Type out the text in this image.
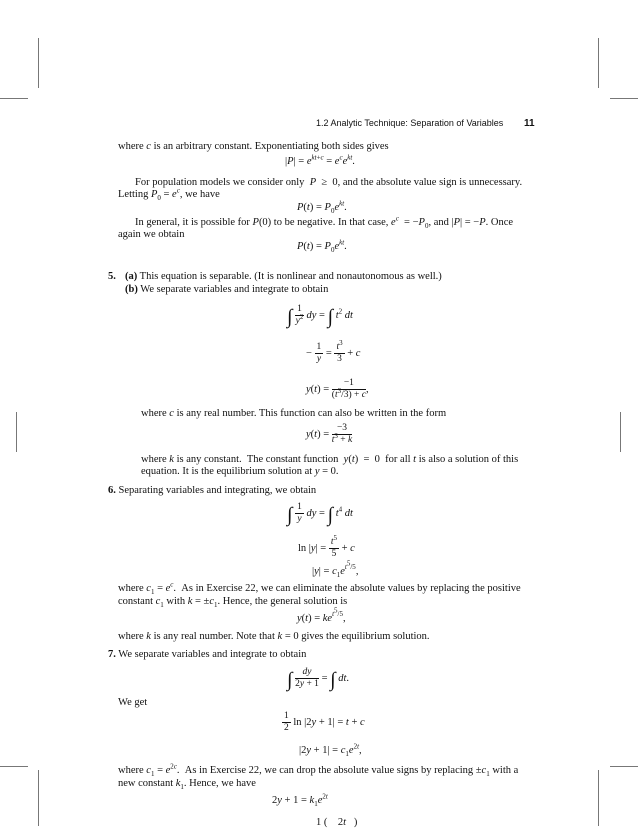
1.2 Analytic Technique: Separation of Variables 11
where c is an arbitrary constant. Exponentiating both sides gives
$|P| = e^{kt+c} = e^ce^{kt}$.
For population models we consider only  P  ≥  0, and the absolute value sign is unnecessary.
Letting $P_0 = e^c$, we have
$P(t) = P_0e^{kt}$.
In general, it is possible for P(0) to be negative. In that case, $e^c = -P_0$, and |P| = −P. Once
again we obtain
$P(t) = P_0e^{kt}$.
5. (a) This equation is separable. (It is nonlinear and nonautonomous as well.)
(b) We separate variables and integrate to obtain
∫ $\frac{1}{y^2}$ dy = ∫ $t^2$ dt
− $\frac{1}{y} = \frac{t^3}{3} + c$
$y(t) = \frac{-1}{(t^3/3) + c}$ ,
where c is any real number. This function can also be written in the form
$y(t) = \frac{-3}{t^3 + k}$
where k is any constant.  The constant function  y(t)  =  0  for all t is also a solution of this
equation. It is the equilibrium solution at y = 0.
6. Separating variables and integrating, we obtain
∫ $\frac{1}{y}$ dy = ∫ $t^4$ dt
$\ln |y| = \frac{t^5}{5} + c$
$|y| = c_1e^{t^5/5}$,
where $c_1 = e^c$.  As in Exercise 22, we can eliminate the absolute values by replacing the positive
constant $c_1$ with $k = \pm c_1$. Hence, the general solution is
$y(t) = ke^{t^5/5}$,
where k is any real number. Note that k = 0 gives the equilibrium solution.
7. We separate variables and integrate to obtain
∫ $\frac{dy}{2y + 1}$ = ∫ dt.
We get
$\frac{1}{2}$ ln |2y + 1| = t + c
$|2y + 1| = c_1e^{2t}$,
where $c_1 = e^{2c}$.  As in Exercise 22, we can drop the absolute value signs by replacing $\pm c_1$ with a
new constant $k_1$. Hence, we have
$2y + 1 = k_1e^{2t}$
1 (    2t   )
